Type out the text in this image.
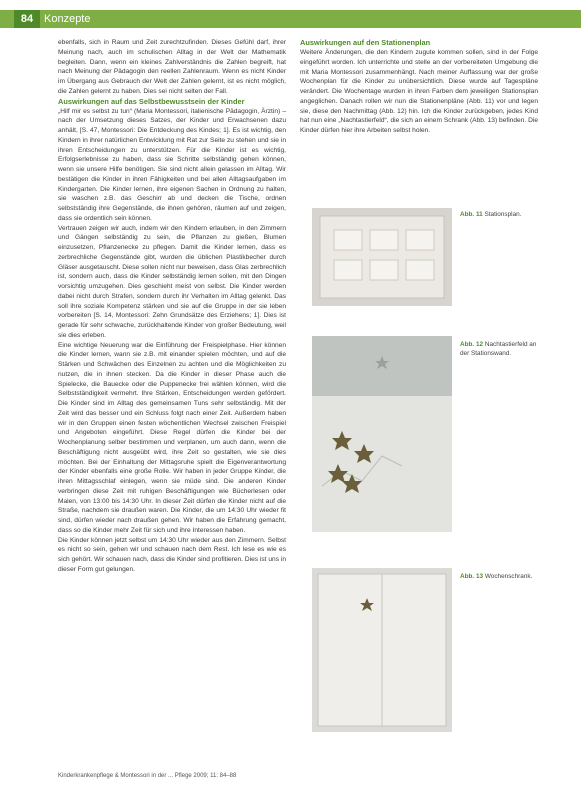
84 Konzepte

ebenfalls, sich in Raum und Zeit zurechtzufinden. Dieses Gefühl darf, ihrer Meinung nach, auch im schulischen Alltag in der Welt der Mathematik begleiten. Dann, wenn ein kleines Zahlverständnis die Zahlen begreift, hat nach Meinung der Pädagogin den reellen Zahlenraum. Wenn es nicht Kinder im Übergang aus Gebrauch der Welt der Zahlen gelernt, ist es nicht möglich, die Zahlen gelernt zu haben. Dies sei nicht selten der Fall.

Auswirkungen auf das Selbstbewusstsein der Kinder

„Hilf mir es selbst zu tun“ (Maria Montessori, italienische Pädagogin, Ärztin) – nach der Umsetzung dieses Satzes, der Kinder und Erwachsenen dazu anhält, [S. 47, Montessori: Die Entdeckung des Kindes; 1]. Es ist wichtig, den Kindern in ihrer natürlichen Entwicklung mit Rat zur Seite zu stehen und sie in ihren Entscheidungen zu unterstützen. Für die Kinder ist es wichtig, Erfolgserlebnisse zu haben, dass sie Schritte selbständig gehen können, wenn sie unsere Hilfe benötigen. Sie sind nicht allein gelassen im Alltag. Wir bestätigen die Kinder in ihren Fähigkeiten und bei allen Alltagsaufgaben im Kindergarten. Die Kinder lernen, ihre eigenen Sachen in Ordnung zu halten, sie waschen z.B. das Geschirr ab und decken die Tische, ordnen selbstständig ihre Gegenstände, die ihnen gehören, räumen auf und zeigen, dass sie ordentlich sein können.

Vertrauen zeigen wir auch, indem wir den Kindern erlauben, in den Zimmern und Gängen selbständig zu sein, die Pflanzen zu gießen, Blumen einzusetzen, Pflanzenecke zu pflegen. Damit die Kinder lernen, dass es zerbrechliche Gegenstände gibt, wurden die üblichen Plastikbecher durch Gläser ausgetauscht. Diese sollen nicht nur beweisen, dass Glas zerbrechlich ist, sondern auch, dass die Kinder selbständig lernen sollen, mit den Dingen vorsichtig umzugehen. Dies geschieht meist von selbst. Die Kinder werden dabei nicht durch Strafen, sondern durch ihr Verhalten im Alltag gelenkt. Das soll ihre soziale Kompetenz stärken und sie auf die Gruppe in der sie leben vorbereiten [S. 14, Montessori: Zehn Grundsätze des Erziehens; 1]. Dies ist gerade für sehr schwache, zurückhaltende Kinder von großer Bedeutung, weil sie dies erleben.

Eine wichtige Neuerung war die Einführung der Freispielphase. Hier können die Kinder lernen, wann sie z.B. mit einander spielen möchten, und auf die Stärken und Schwächen des Einzelnen zu achten und die Möglichkeiten zu nutzen, die in ihnen stecken. Da die Kinder in dieser Phase auch die Spielecke, die Bauecke oder die Puppenecke frei wählen können, wird die Selbstständigkeit vermehrt. Ihre Stärken, Entscheidungen werden gefördert. Die Kinder sind im Alltag des gemeinsamen Tuns sehr selbständig. Mit der Zeit wird das besser und ein Schluss folgt nach einer Zeit. Außerdem haben wir in den Gruppen einen festen wöchentlichen Wechsel zwischen Freispiel und Angeboten eingeführt. Diese Regel dürfen die Kinder bei der Wochenplanung selber bestimmen und verplanen, um auch dann, wenn die Beschäftigung nicht ausgeübt wird, ihre Zeit so gestalten, wie sie dies möchten. Bei der Einhaltung der Mittagsruhe spielt die Eigenverantwortung der Kinder ebenfalls eine große Rolle. Wir haben in jeder Gruppe Kinder, die ihren Mittagsschlaf einlegen, wenn sie müde sind. Die anderen Kinder verbringen diese Zeit mit ruhigen Beschäftigungen wie Bücherlesen oder Malen, von 13:00 bis 14:30 Uhr. In dieser Zeit dürfen die Kinder nicht auf die Straße, nachdem sie draußen waren. Die Kinder, die um 14:30 Uhr wieder fit sind, dürfen wieder nach draußen gehen. Wir haben die Erfahrung gemacht, dass so die Kinder mehr Zeit für sich und ihre Interessen haben.

Die Kinder können jetzt selbst um 14:30 Uhr wieder aus den Zimmern. Selbst es nicht so sein, gehen wir und schauen nach dem Rest. Ich lese es wie es sich gehört. Wir schauen nach, dass die Kinder sind profitieren. Dies ist uns in dieser Form gut gelungen.

Auswirkungen auf den Stationenplan

Weitere Änderungen, die den Kindern zugute kommen sollen, sind in der Folge eingeführt worden. Ich unterrichte und stelle an der vorbereiteten Umgebung die mit Maria Montessori zusammenhängt. Nach meiner Auffassung war der große Wochenplan für die Kinder zu unübersichtlich. Diese wurde auf Tagespläne verändert. Die Wochentage wurden in ihren Farben dem jeweiligen Stationsplan angeglichen. Danach rollen wir nun die Stationenpläne (Abb. 11) vor und legen sie, diese den Nachmittag (Abb. 12) hin. Ich die Kinder zurückgeben, jedes Kind hat nun eine „Nachtastierfeld“, die sich an einem Schrank (Abb. 13) befinden. Die Kinder dürfen hier ihre Arbeiten selbst holen.

Abb. 11 Stationsplan.
Abb. 12 Nachtastierfeld an der Stationswand.
Abb. 13 Wochenschrank.
Kinderkrankenpflege & Montessori in der ... Pflege 2009; 11: 84–88
